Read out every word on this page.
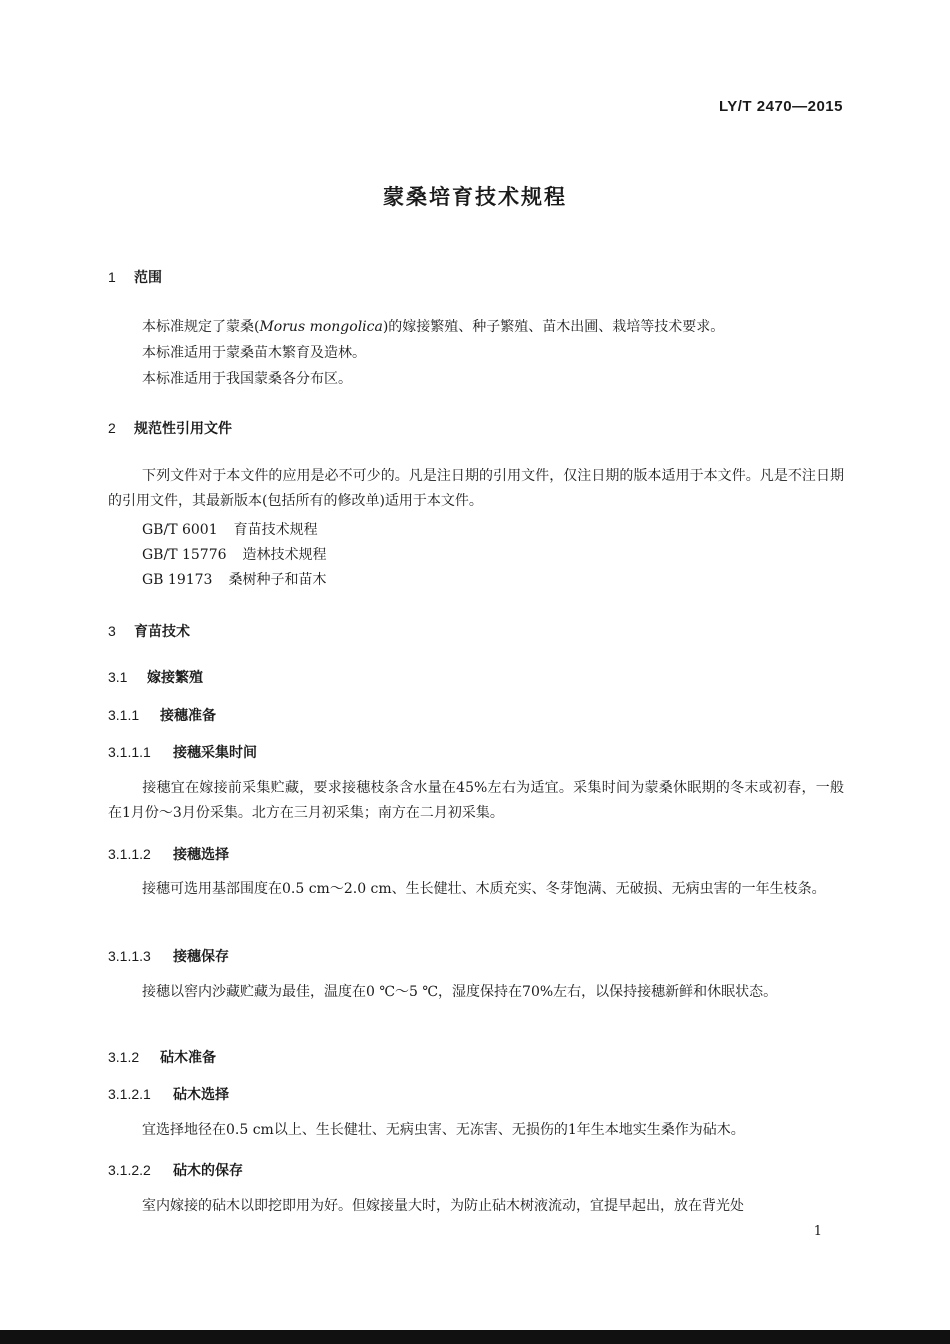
LY/T 2470—2015
蒙桑培育技术规程
1 范围
本标准规定了蒙桑(Morus mongolica)的嫁接繁殖、种子繁殖、苗木出圃、栽培等技术要求。
本标准适用于蒙桑苗木繁育及造林。
本标准适用于我国蒙桑各分布区。
2 规范性引用文件
下列文件对于本文件的应用是必不可少的。凡是注日期的引用文件，仅注日期的版本适用于本文件。凡是不注日期的引用文件，其最新版本(包括所有的修改单)适用于本文件。
GB/T 6001 育苗技术规程
GB/T 15776 造林技术规程
GB 19173 桑树种子和苗木
3 育苗技术
3.1 嫁接繁殖
3.1.1 接穗准备
3.1.1.1 接穗采集时间
接穗宜在嫁接前采集贮藏，要求接穗枝条含水量在45%左右为适宜。采集时间为蒙桑休眠期的冬末或初春，一般在1月份～3月份采集。北方在三月初采集；南方在二月初采集。
3.1.1.2 接穗选择
接穗可选用基部围度在0.5 cm～2.0 cm、生长健壮、木质充实、冬芽饱满、无破损、无病虫害的一年生枝条。
3.1.1.3 接穗保存
接穗以窖内沙藏贮藏为最佳，温度在0 ℃～5 ℃，湿度保持在70%左右，以保持接穗新鲜和休眠状态。
3.1.2 砧木准备
3.1.2.1 砧木选择
宜选择地径在0.5 cm以上、生长健壮、无病虫害、无冻害、无损伤的1年生本地实生桑作为砧木。
3.1.2.2 砧木的保存
室内嫁接的砧木以即挖即用为好。但嫁接量大时，为防止砧木树液流动，宜提早起出，放在背光处
1
